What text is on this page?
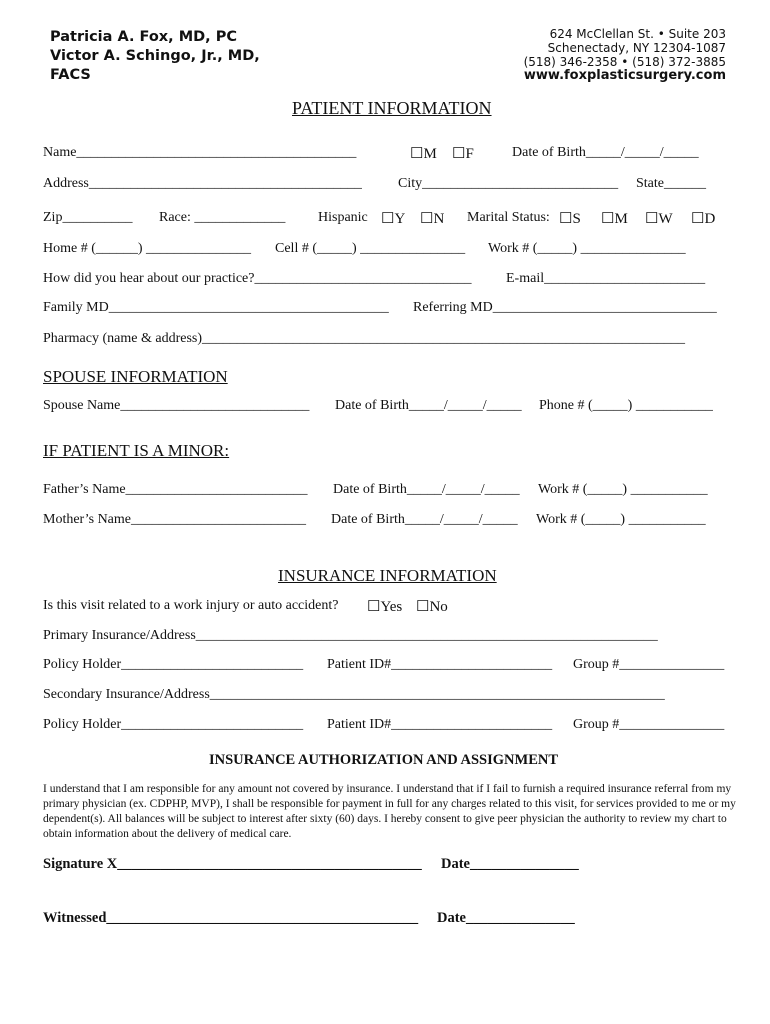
Patricia A. Fox, MD, PC
Victor A. Schingo, Jr., MD,
FACS
624 McClellan St. • Suite 203
Schenectady, NY 12304-1087
(518) 346-2358 • (518) 372-3885
www.foxplasticsurgery.com
PATIENT INFORMATION
Name________________________________________	☐M ☐F	Date of Birth_____/_____/_____
Address_______________________________________	City____________________________ State______
Zip__________ Race: _____________ Hispanic ☐Y ☐N Marital Status: ☐S ☐M ☐W ☐D
Home # (______) _______________ Cell # (_____) _______________ Work # (_____) _______________
How did you hear about our practice?_______________________________ E-mail_______________________
Family MD________________________________________ Referring MD________________________________
Pharmacy (name & address)_____________________________________________________________________
SPOUSE INFORMATION
Spouse Name___________________________ Date of Birth_____/_____/_____ Phone # (_____) ___________
IF PATIENT IS A MINOR:
Father’s Name__________________________ Date of Birth_____/_____/_____ Work # (_____) ___________
Mother’s Name_________________________ Date of Birth_____/_____/_____ Work # (_____) ___________
INSURANCE INFORMATION
Is this visit related to a work injury or auto accident? ☐Yes ☐No
Primary Insurance/Address__________________________________________________________________
Policy Holder__________________________ Patient ID#_______________________ Group #_______________
Secondary Insurance/Address_________________________________________________________________
Policy Holder__________________________ Patient ID#_______________________ Group #_______________
INSURANCE AUTHORIZATION AND ASSIGNMENT
I understand that I am responsible for any amount not covered by insurance. I understand that if I fail to furnish a required insurance referral from my primary physician (ex. CDPHP, MVP), I shall be responsible for payment in full for any charges related to this visit, for services provided to me or my dependent(s). All balances will be subject to interest after sixty (60) days. I hereby consent to give peer physician the authority to review my chart to obtain information about the delivery of medical care.
Signature X__________________________________________ Date_______________
Witnessed___________________________________________ Date_______________
